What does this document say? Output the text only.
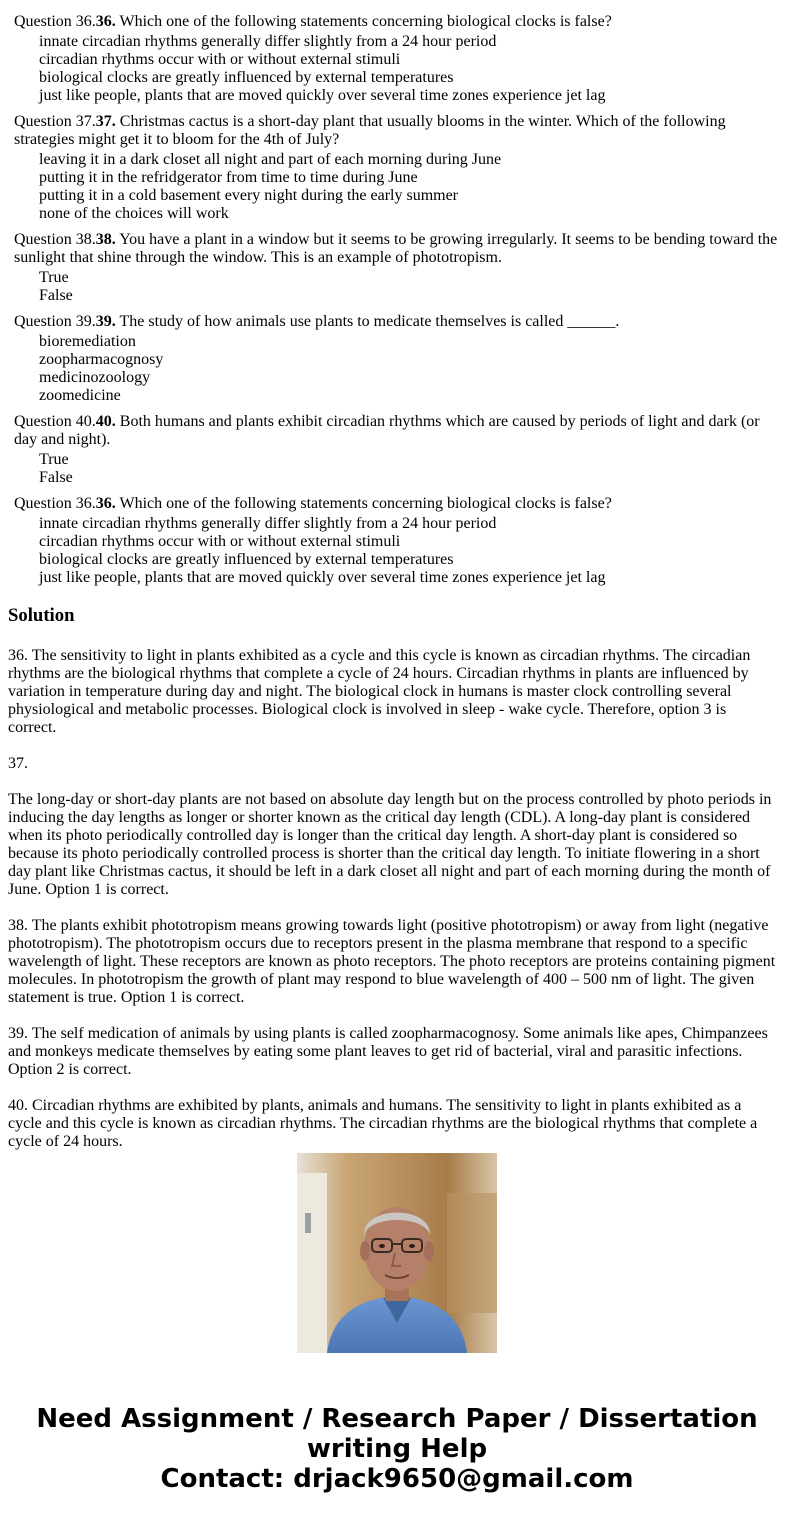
Question 36.36. Which one of the following statements concerning biological clocks is false?

innate circadian rhythms generally differ slightly from a 24 hour period
circadian rhythms occur with or without external stimuli
biological clocks are greatly influenced by external temperatures
just like people, plants that are moved quickly over several time zones experience jet lag

Question 37.37. Christmas cactus is a short-day plant that usually blooms in the winter. Which of the following strategies might get it to bloom for the 4th of July?

leaving it in a dark closet all night and part of each morning during June
putting it in the refridgerator from time to time during June
putting it in a cold basement every night during the early summer
none of the choices will work

Question 38.38. You have a plant in a window but it seems to be growing irregularly. It seems to be bending toward the sunlight that shine through the window. This is an example of phototropism.

True
False

Question 39.39. The study of how animals use plants to medicate themselves is called ______.

bioremediation
zoopharmacognosy
medicinozoology
zoomedicine

Question 40.40. Both humans and plants exhibit circadian rhythms which are caused by periods of light and dark (or day and night).

True
False

Question 36.36. Which one of the following statements concerning biological clocks is false?

innate circadian rhythms generally differ slightly from a 24 hour period
circadian rhythms occur with or without external stimuli
biological clocks are greatly influenced by external temperatures
just like people, plants that are moved quickly over several time zones experience jet lag
Solution

36. The sensitivity to light in plants exhibited as a cycle and this cycle is known as circadian rhythms. The circadian rhythms are the biological rhythms that complete a cycle of 24 hours. Circadian rhythms in plants are influenced by variation in temperature during day and night. The biological clock in humans is master clock controlling several physiological and metabolic processes. Biological clock is involved in sleep - wake cycle. Therefore, option 3 is correct.

37.

The long-day or short-day plants are not based on absolute day length but on the process controlled by photo periods in inducing the day lengths as longer or shorter known as the critical day length (CDL). A long-day plant is considered when its photo periodically controlled day is longer than the critical day length. A short-day plant is considered so because its photo periodically controlled process is shorter than the critical day length. To initiate flowering in a short day plant like Christmas cactus, it should be left in a dark closet all night and part of each morning during the month of June. Option 1 is correct.

38. The plants exhibit phototropism means growing towards light (positive phototropism) or away from light (negative phototropism). The phototropism occurs due to receptors present in the plasma membrane that respond to a specific wavelength of light. These receptors are known as photo receptors. The photo receptors are proteins containing pigment molecules. In phototropism the growth of plant may respond to blue wavelength of 400 – 500 nm of light. The given statement is true. Option 1 is correct.

39. The self medication of animals by using plants is called zoopharmacognosy. Some animals like apes, Chimpanzees and monkeys medicate themselves by eating some plant leaves to get rid of bacterial, viral and parasitic infections. Option 2 is correct.

40. Circadian rhythms are exhibited by plants, animals and humans. The sensitivity to light in plants exhibited as a cycle and this cycle is known as circadian rhythms. The circadian rhythms are the biological rhythms that complete a cycle of 24 hours.

Need Assignment / Research Paper / Dissertation writing Help
Contact: drjack9650@gmail.com
